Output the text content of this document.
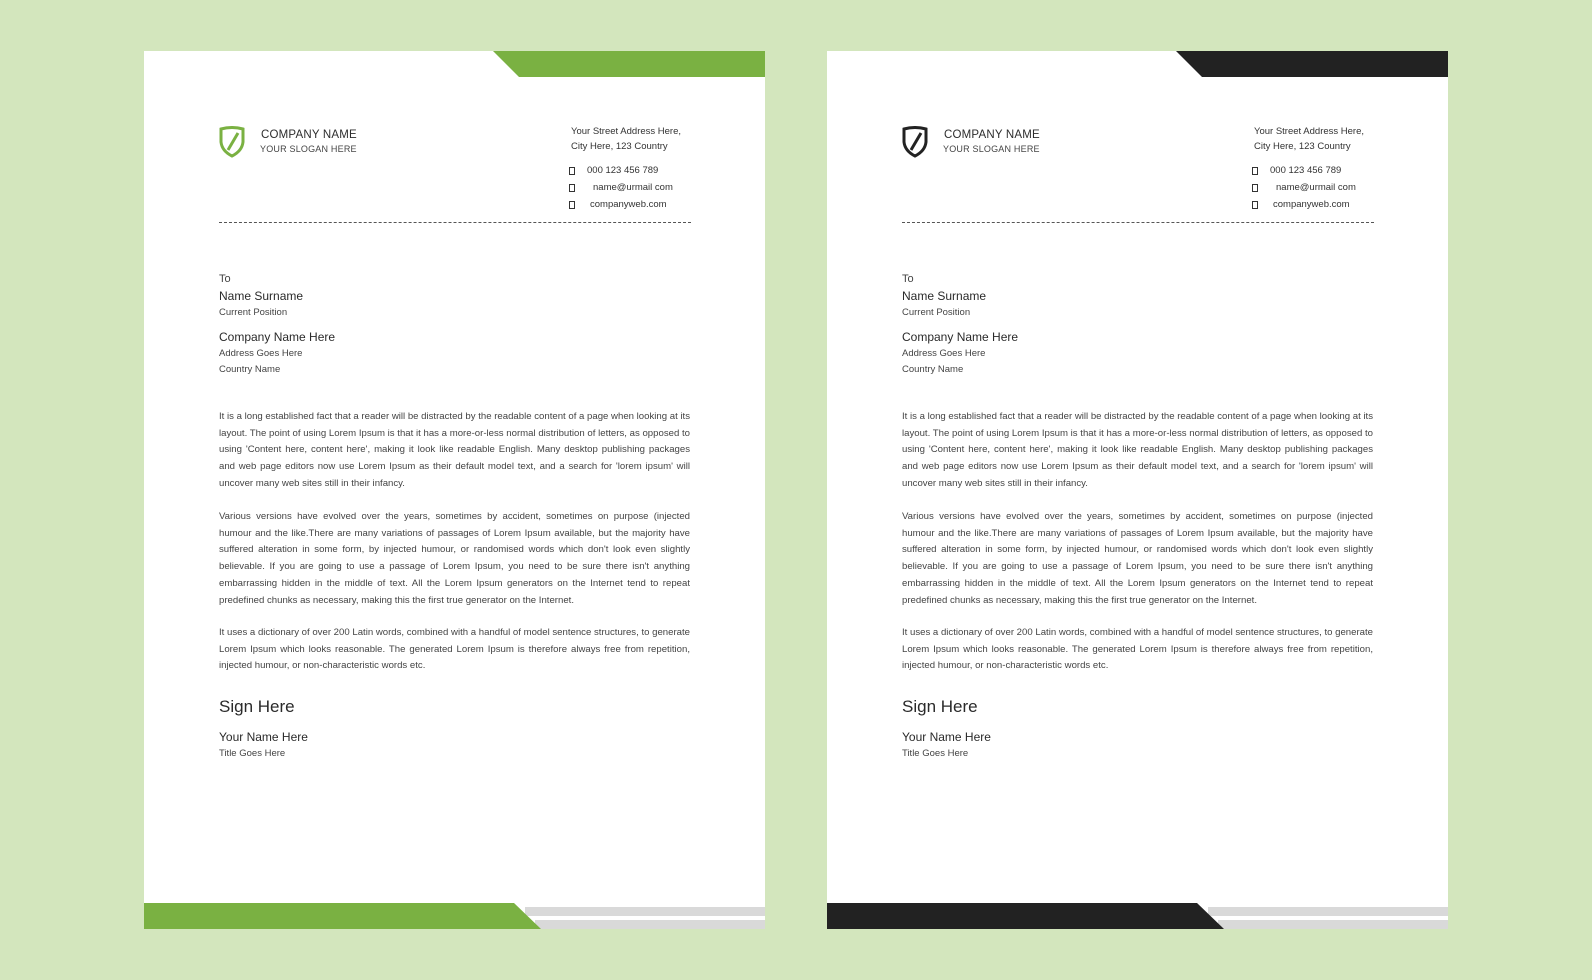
COMPANY NAME
YOUR SLOGAN HERE
Your Street Address Here,
City Here, 123 Country
000 123 456 789
name@urmail com
companyweb.com
To
Name Surname
Current Position
Company Name Here
Address Goes Here
Country Name

It is a long established fact that a reader will be distracted by the readable content of a page when looking at its layout. The point of using Lorem Ipsum is that it has a more-or-less normal distribution of letters, as opposed to using 'Content here, content here', making it look like readable English. Many desktop publishing packages and web page editors now use Lorem Ipsum as their default model text, and a search for 'lorem ipsum' will uncover many web sites still in their infancy.

Various versions have evolved over the years, sometimes by accident, sometimes on purpose (injected humour and the like.There are many variations of passages of Lorem Ipsum available, but the majority have suffered alteration in some form, by injected humour, or randomised words which don't look even slightly believable. If you are going to use a passage of Lorem Ipsum, you need to be sure there isn't anything embarrassing hidden in the middle of text. All the Lorem Ipsum generators on the Internet tend to repeat predefined chunks as necessary, making this the first true generator on the Internet.

It uses a dictionary of over 200 Latin words, combined with a handful of model sentence structures, to generate Lorem Ipsum which looks reasonable. The generated Lorem Ipsum is therefore always free from repetition, injected humour, or non-characteristic words etc.

Sign Here
Your Name Here
Title Goes Here
COMPANY NAME
YOUR SLOGAN HERE
Your Street Address Here,
City Here, 123 Country
000 123 456 789
name@urmail com
companyweb.com
To
Name Surname
Current Position
Company Name Here
Address Goes Here
Country Name

It is a long established fact that a reader will be distracted by the readable content of a page when looking at its layout. The point of using Lorem Ipsum is that it has a more-or-less normal distribution of letters, as opposed to using 'Content here, content here', making it look like readable English. Many desktop publishing packages and web page editors now use Lorem Ipsum as their default model text, and a search for 'lorem ipsum' will uncover many web sites still in their infancy.

Various versions have evolved over the years, sometimes by accident, sometimes on purpose (injected humour and the like.There are many variations of passages of Lorem Ipsum available, but the majority have suffered alteration in some form, by injected humour, or randomised words which don't look even slightly believable. If you are going to use a passage of Lorem Ipsum, you need to be sure there isn't anything embarrassing hidden in the middle of text. All the Lorem Ipsum generators on the Internet tend to repeat predefined chunks as necessary, making this the first true generator on the Internet.

It uses a dictionary of over 200 Latin words, combined with a handful of model sentence structures, to generate Lorem Ipsum which looks reasonable. The generated Lorem Ipsum is therefore always free from repetition, injected humour, or non-characteristic words etc.

Sign Here
Your Name Here
Title Goes Here
